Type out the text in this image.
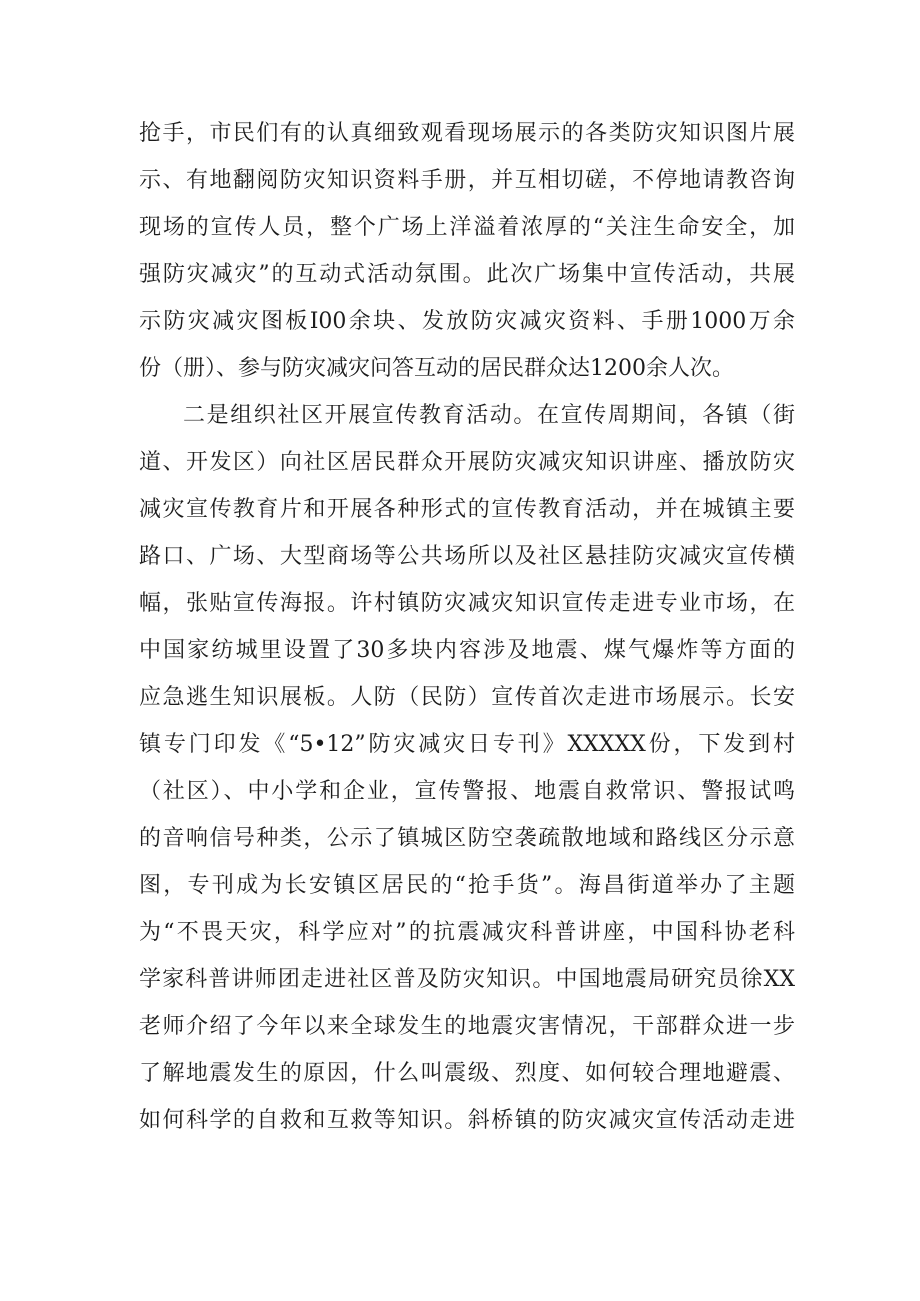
抢手，市民们有的认真细致观看现场展示的各类防灾知识图片展
示、有地翻阅防灾知识资料手册，并互相切磋，不停地请教咨询
现场的宣传人员，整个广场上洋溢着浓厚的“关注生命安全，加
强防灾减灾”的互动式活动氛围。此次广场集中宣传活动，共展
示防灾减灾图板I00余块、发放防灾减灾资料、手册1000万余
份（册）、参与防灾减灾问答互动的居民群众达1200余人次。
二是组织社区开展宣传教育活动。在宣传周期间，各镇（街
道、开发区）向社区居民群众开展防灾减灾知识讲座、播放防灾
减灾宣传教育片和开展各种形式的宣传教育活动，并在城镇主要
路口、广场、大型商场等公共场所以及社区悬挂防灾减灾宣传横
幅，张贴宣传海报。许村镇防灾减灾知识宣传走进专业市场，在
中国家纺城里设置了30多块内容涉及地震、煤气爆炸等方面的
应急逃生知识展板。人防（民防）宣传首次走进市场展示。长安
镇专门印发《“5•12”防灾减灾日专刊》XXXXX份，下发到村
（社区）、中小学和企业，宣传警报、地震自救常识、警报试鸣
的音响信号种类，公示了镇城区防空袭疏散地域和路线区分示意
图，专刊成为长安镇区居民的“抢手货”。海昌街道举办了主题
为“不畏天灾，科学应对”的抗震减灾科普讲座，中国科协老科
学家科普讲师团走进社区普及防灾知识。中国地震局研究员徐XX
老师介绍了今年以来全球发生的地震灾害情况，干部群众进一步
了解地震发生的原因，什么叫震级、烈度、如何较合理地避震、
如何科学的自救和互救等知识。斜桥镇的防灾减灾宣传活动走进
